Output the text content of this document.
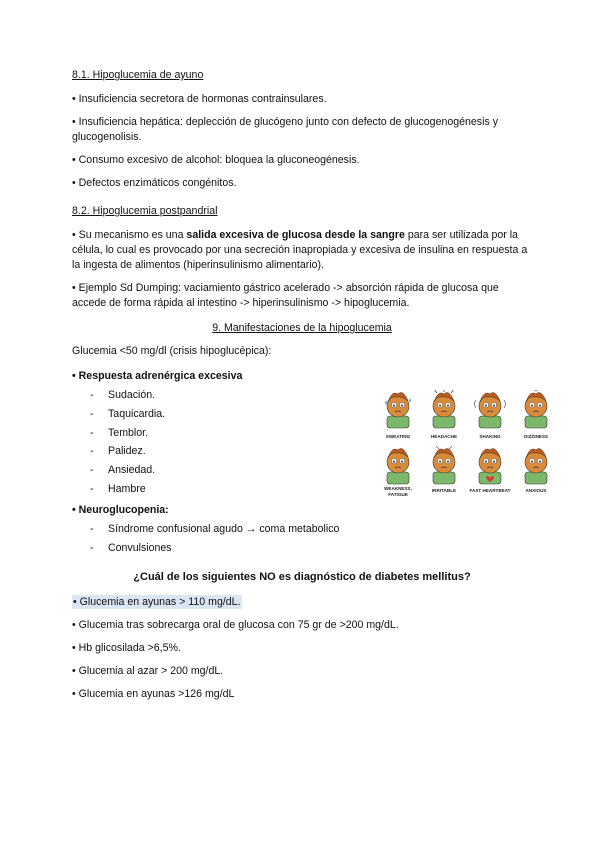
8.1. Hipoglucemia de ayuno

• Insuficiencia secretora de hormonas contrainsulares.

• Insuficiencia hepática: deplección de glucógeno junto con defecto de glucogenogénesis y glucogenolisis.

• Consumo excesivo de alcohol: bloquea la gluconeogénesis.

• Defectos enzimáticos congénitos.

8.2. Hipoglucemia postpandrial

• Su mecanismo es una salida excesiva de glucosa desde la sangre para ser utilizada por la célula, lo cual es provocado por una secreción inapropiada y excesiva de insulina en respuesta a la ingesta de alimentos (hiperinsulinismo alimentario).

• Ejemplo Sd Dumping: vaciamiento gástrico acelerado -> absorción rápida de glucosa que accede de forma rápida al intestino -> hiperinsulinismo -> hipoglucemia.

9. Manifestaciones de la hipoglucemia

Glucemia <50 mg/dl (crisis hipoglucépica):

• Respuesta adrenérgica excesiva
- Sudación.
- Taquicardia.
- Temblor.
- Palidez.
- Ansiedad.
- Hambre
• Neuroglucopenia:
- Síndrome confusional agudo → coma metabolico
- Convulsiones
¿Cuál de los siguientes NO es diagnóstico de diabetes mellitus?

• Glucemia en ayunas > 110 mg/dL.

• Glucemia tras sobrecarga oral de glucosa con 75 gr de >200 mg/dL.

• Hb glicosilada >6,5%.

• Glucemia al azar > 200 mg/dL.

• Glucemia en ayunas >126 mg/dL

SWEATING	HEADACHE	SHAKING	DIZZINESS
WEAKNESS,
FATIGUE
IRRITABLE	FAST HEARTBEAT	ANXIOUS
